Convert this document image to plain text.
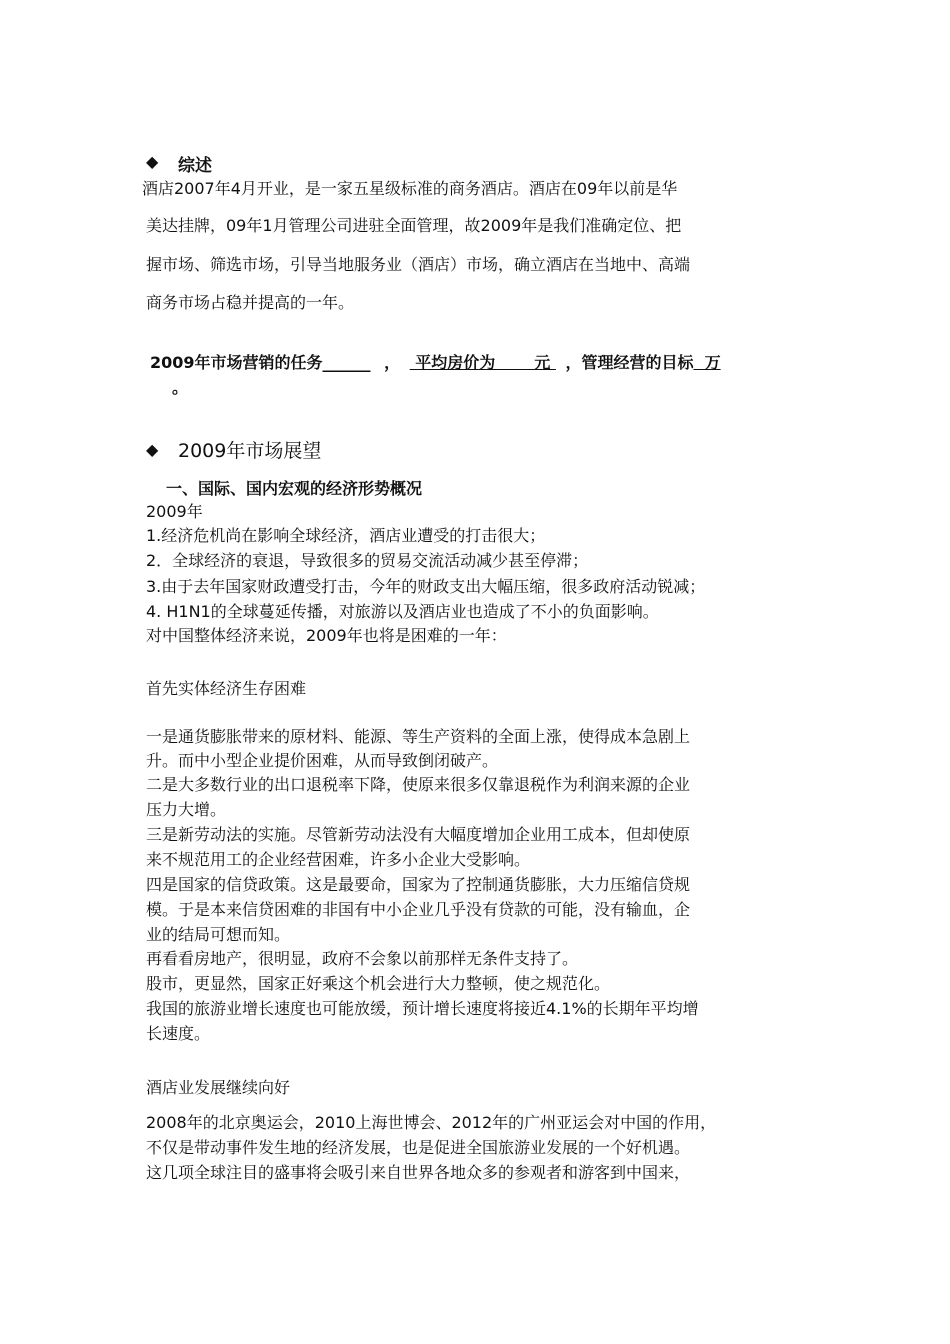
◆ 综述
酒店2007年4月开业，是一家五星级标准的商务酒店。酒店在09年以前是华
美达挂牌，09年1月管理公司进驻全面管理，故2009年是我们准确定位、把
握市场、筛选市场，引导当地服务业（酒店）市场，确立酒店在当地中、高端
商务市场占稳并提高的一年。
2009年市场营销的任务______ ，  平均房价为       元  ，管理经营的目标  万
。
◆ 2009年市场展望
一、国际、国内宏观的经济形势概况
2009年
1.经济危机尚在影响全球经济，酒店业遭受的打击很大；
2．全球经济的衰退，导致很多的贸易交流活动减少甚至停滞；
3.由于去年国家财政遭受打击，今年的财政支出大幅压缩，很多政府活动锐减；
4. H1N1的全球蔓延传播，对旅游以及酒店业也造成了不小的负面影响。
对中国整体经济来说，2009年也将是困难的一年：
首先实体经济生存困难
一是通货膨胀带来的原材料、能源、等生产资料的全面上涨，使得成本急剧上
升。而中小型企业提价困难，从而导致倒闭破产。
二是大多数行业的出口退税率下降，使原来很多仅靠退税作为利润来源的企业
压力大增。
三是新劳动法的实施。尽管新劳动法没有大幅度增加企业用工成本，但却使原
来不规范用工的企业经营困难，许多小企业大受影响。
四是国家的信贷政策。这是最要命，国家为了控制通货膨胀，大力压缩信贷规
模。于是本来信贷困难的非国有中小企业几乎没有贷款的可能，没有输血，企
业的结局可想而知。
再看看房地产，很明显，政府不会象以前那样无条件支持了。
股市，更显然，国家正好乘这个机会进行大力整顿，使之规范化。
我国的旅游业增长速度也可能放缓，预计增长速度将接近4.1%的长期年平均增
长速度。
酒店业发展继续向好
2008年的北京奥运会，2010上海世博会、2012年的广州亚运会对中国的作用，
不仅是带动事件发生地的经济发展，也是促进全国旅游业发展的一个好机遇。
这几项全球注目的盛事将会吸引来自世界各地众多的参观者和游客到中国来，
